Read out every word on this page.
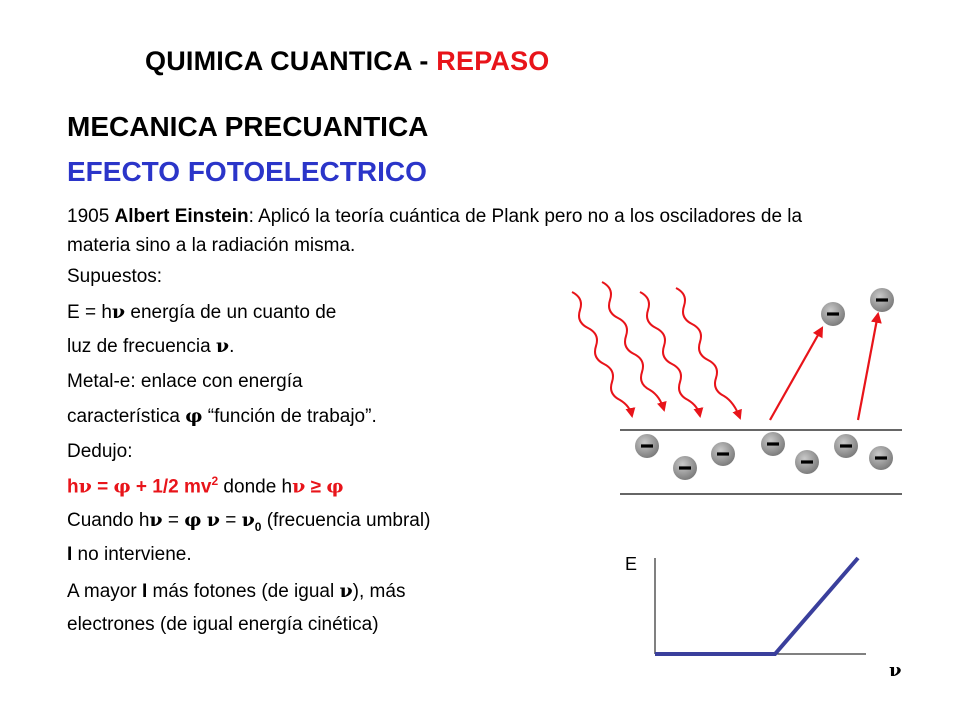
QUIMICA CUANTICA - REPASO
MECANICA PRECUANTICA
EFECTO FOTOELECTRICO

1905 Albert Einstein: Aplicó la teoría cuántica de Plank pero no a los osciladores de la materia sino a la radiación misma.

Supuestos:
E = hν energía de un cuanto de
luz de frecuencia ν.
Metal-e: enlace con energía
característica φ “función de trabajo”.
Dedujo:
hν = φ + 1/2 $mv^2$ donde hν ≥ φ
Cuando hν = φ $\nu = \nu_0$ (frecuencia umbral)
I no interviene.
A mayor I más fotones (de igual ν), más
electrones (de igual energía cinética)
E
ν
